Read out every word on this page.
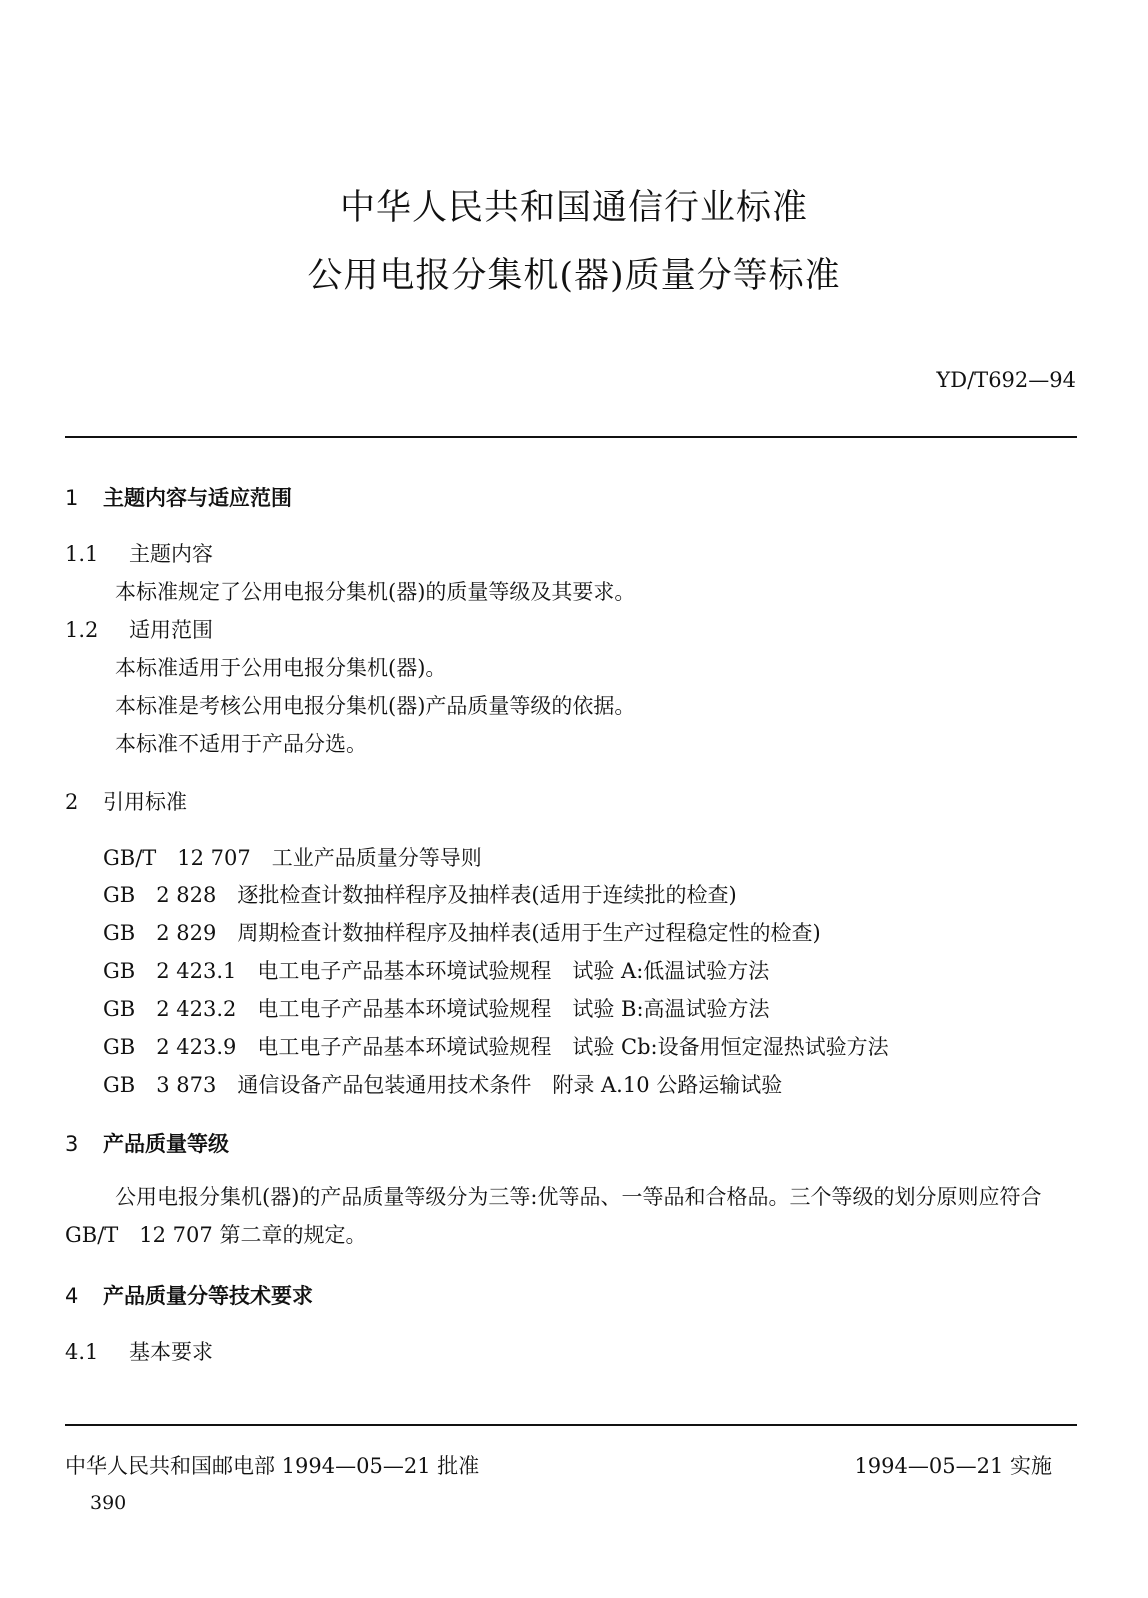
中华人民共和国通信行业标准
公用电报分集机(器)质量分等标准
YD/T692—94
1 主题内容与适应范围
1.1 主题内容
本标准规定了公用电报分集机(器)的质量等级及其要求。
1.2 适用范围
本标准适用于公用电报分集机(器)。
本标准是考核公用电报分集机(器)产品质量等级的依据。
本标准不适用于产品分选。
2 引用标准
GB/T　12 707　 工业产品质量分等导则
GB　2 828　 逐批检查计数抽样程序及抽样表(适用于连续批的检查)
GB　2 829　 周期检查计数抽样程序及抽样表(适用于生产过程稳定性的检查)
GB　2 423.1　 电工电子产品基本环境试验规程　试验 A:低温试验方法
GB　2 423.2　 电工电子产品基本环境试验规程　试验 B:高温试验方法
GB　2 423.9　 电工电子产品基本环境试验规程　试验 Cb:设备用恒定湿热试验方法
GB　3 873　 通信设备产品包装通用技术条件　附录 A.10 公路运输试验
3 产品质量等级
公用电报分集机(器)的产品质量等级分为三等:优等品、一等品和合格品。三个等级的划分原则应符合 GB/T　12 707 第二章的规定。
4 产品质量分等技术要求
4.1 基本要求
中华人民共和国邮电部 1994—05—21 批准	1994—05—21 实施
390
